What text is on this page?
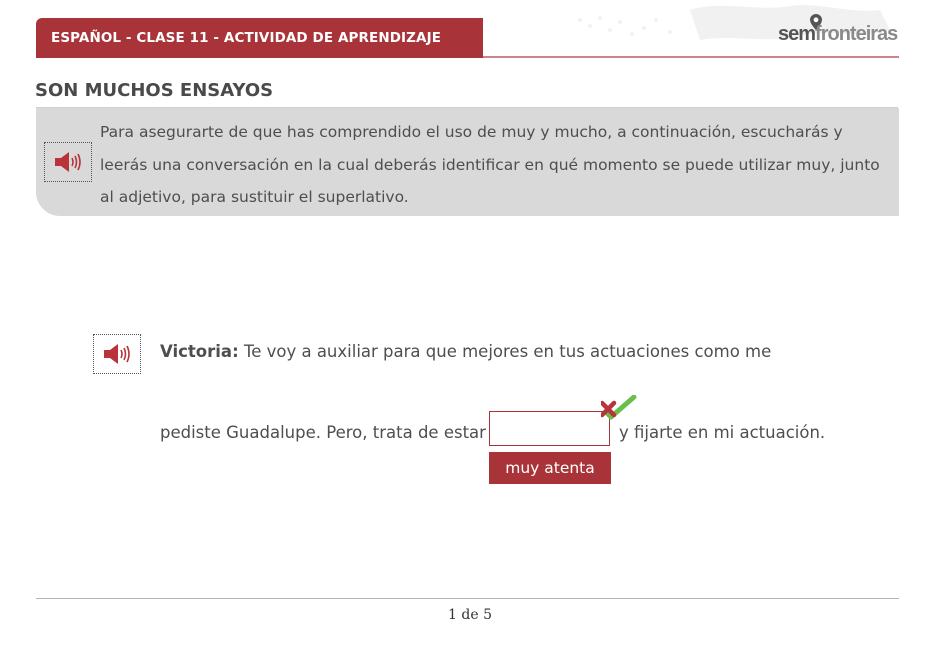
ESPAÑOL - CLASE 11 - ACTIVIDAD DE APRENDIZAJE	semfronteiras
SON MUCHOS ENSAYOS
Para asegurarte de que has comprendido el uso de muy y mucho, a continuación, escucharás y leerás una conversación en la cual deberás identificar en qué momento se puede utilizar muy, junto al adjetivo, para sustituir el superlativo.
Victoria: Te voy a auxiliar para que mejores en tus actuaciones como me
pediste Guadalupe. Pero, trata de estar	y fijarte en mi actuación.
muy atenta
1 de 5
